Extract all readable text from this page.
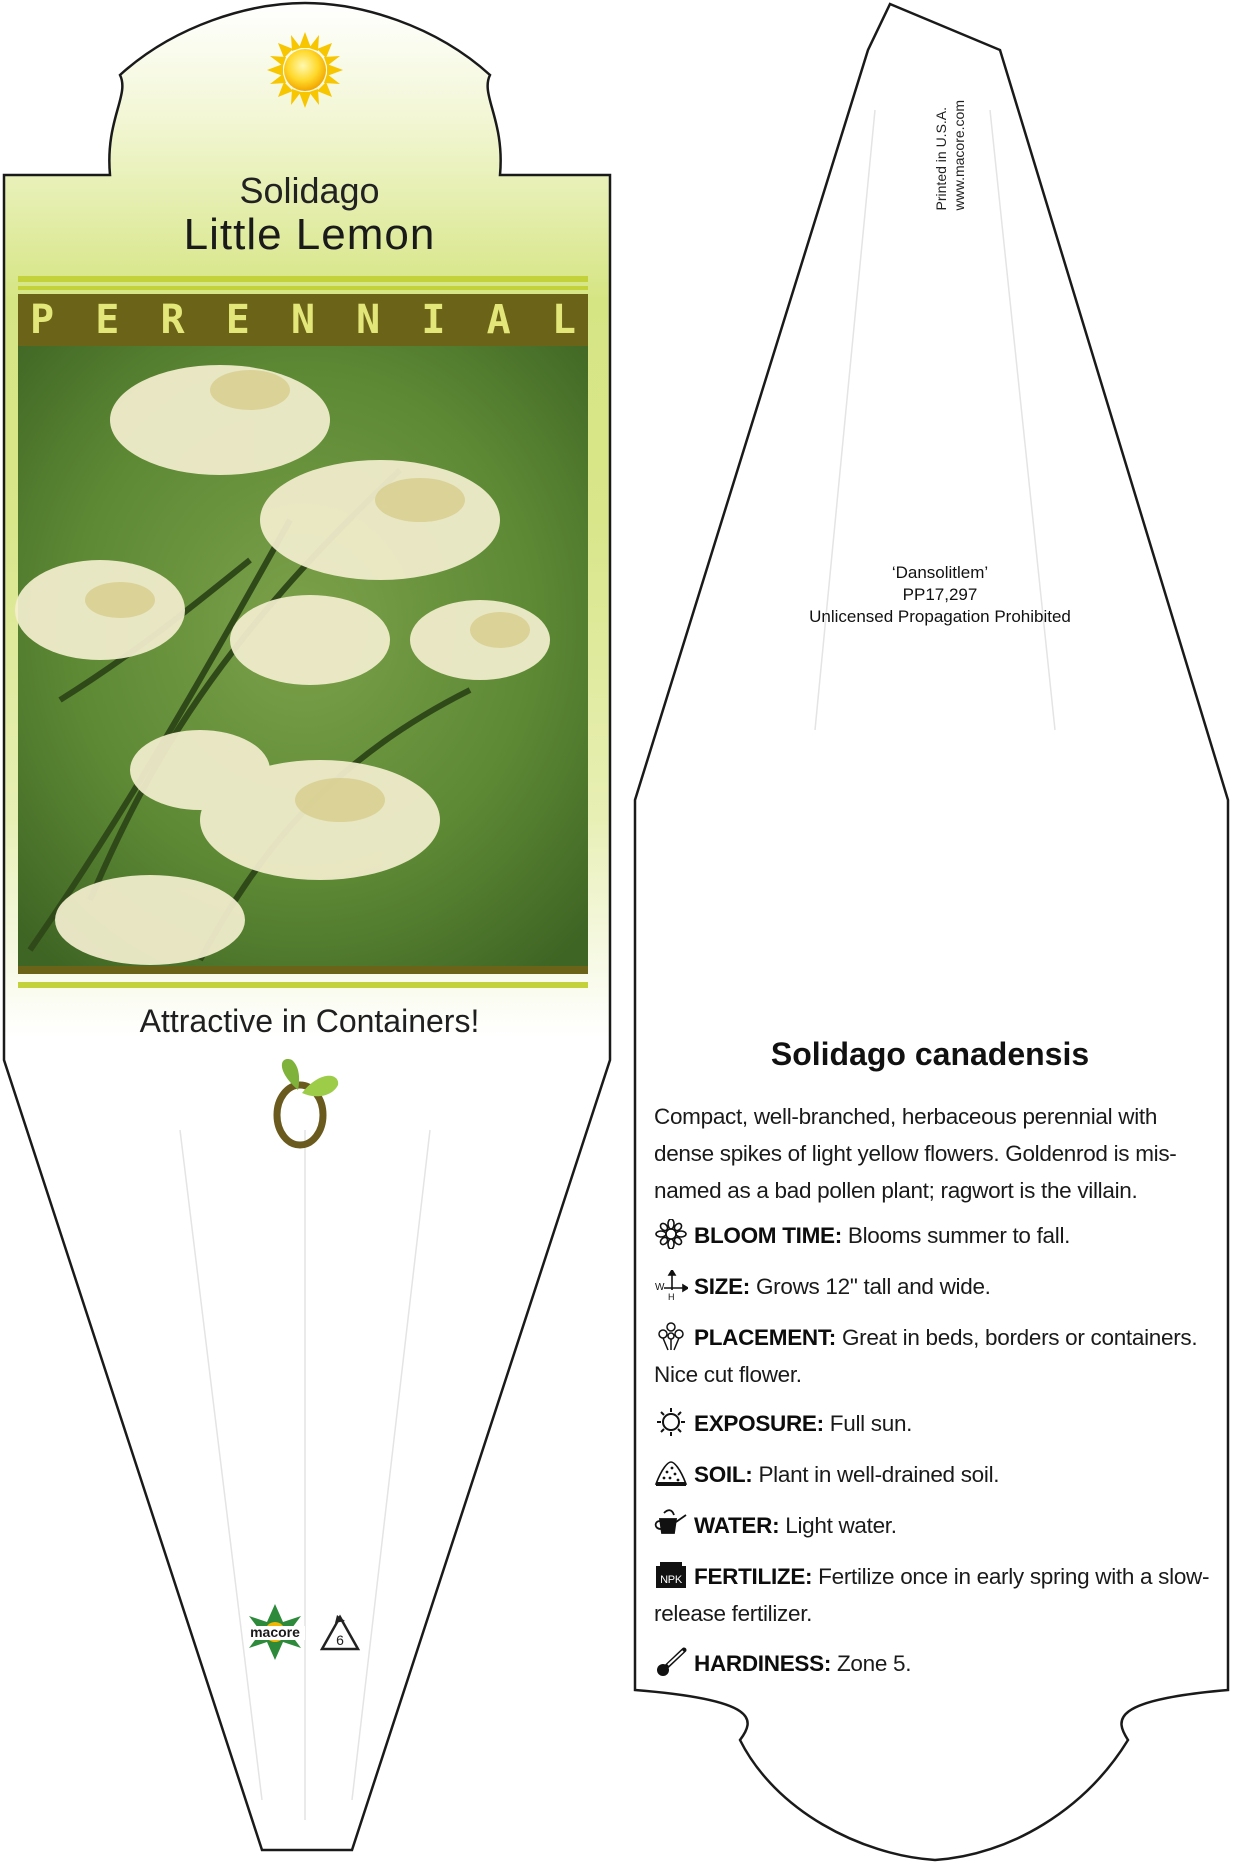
macore	6
Solidago
Little Lemon
P E R E N N I A L
Attractive in Containers!
Printed in U.S.A. www.macore.com
‘Dansolitlem’
PP17,297
Unlicensed Propagation Prohibited
Solidago canadensis
Compact, well-branched, herbaceous perennial with dense spikes of light yellow flowers. Goldenrod is mis-named as a bad pollen plant; ragwort is the villain.
BLOOM TIME: Blooms summer to fall.
W
H SIZE: Grows 12" tall and wide.
PLACEMENT: Great in beds, borders or containers. Nice cut flower.
EXPOSURE: Full sun.
SOIL: Plant in well-drained soil.
WATER: Light water.
NPK FERTILIZE: Fertilize once in early spring with a slow-release fertilizer.
HARDINESS: Zone 5.
